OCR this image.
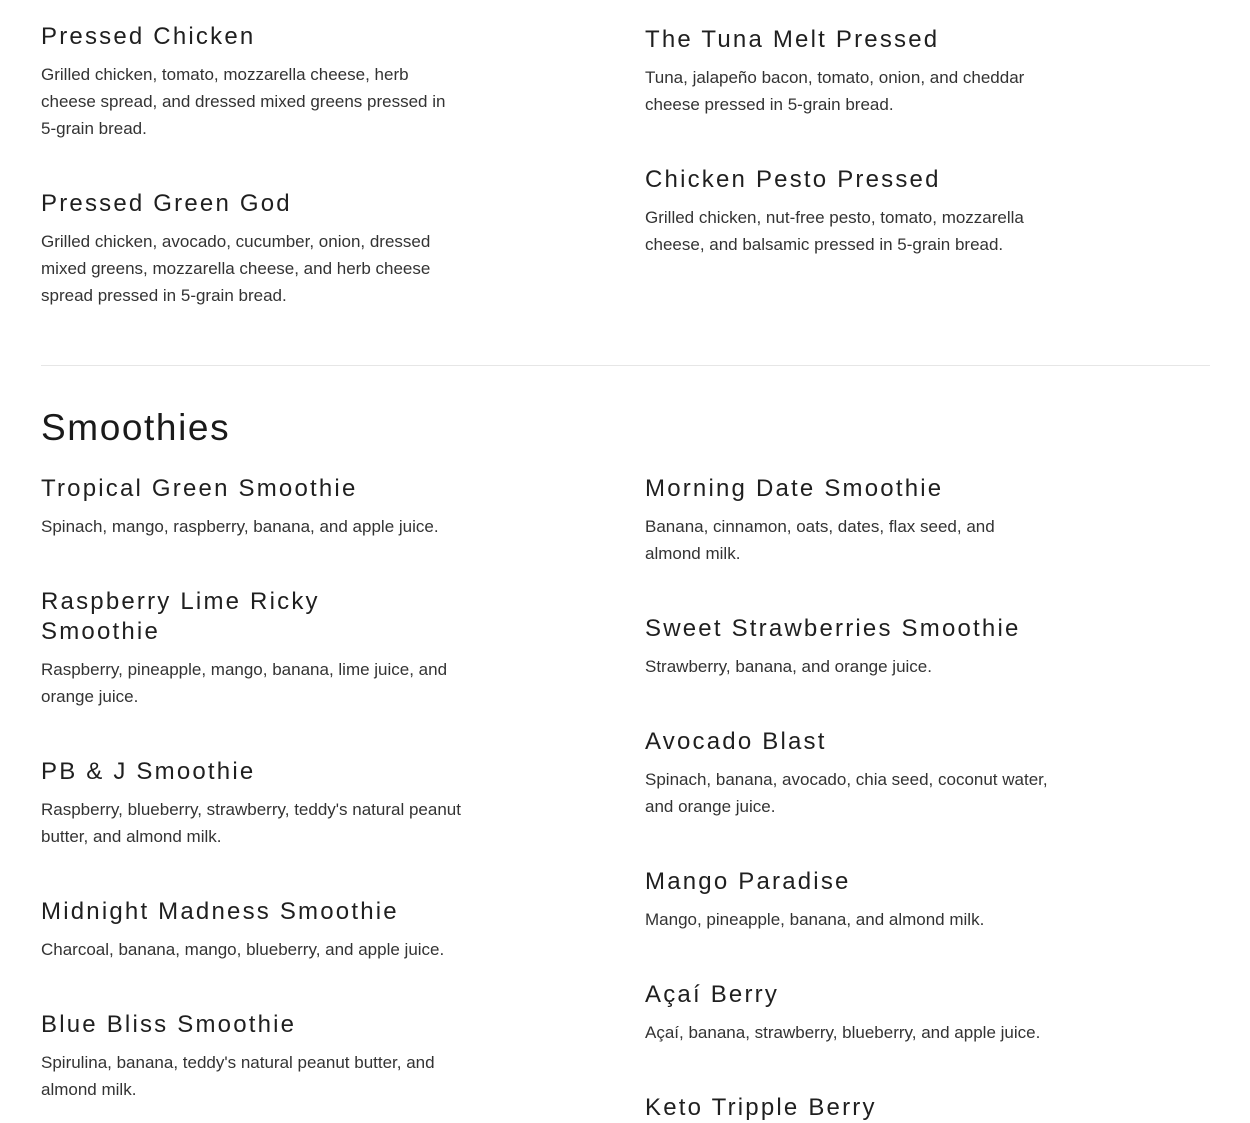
Pressed Chicken

Grilled chicken, tomato, mozzarella cheese, herb cheese spread, and dressed mixed greens pressed in 5-grain bread.

Pressed Green God

Grilled chicken, avocado, cucumber, onion, dressed mixed greens, mozzarella cheese, and herb cheese spread pressed in 5-grain bread.

The Tuna Melt Pressed

Tuna, jalapeño bacon, tomato, onion, and cheddar cheese pressed in 5-grain bread.

Chicken Pesto Pressed

Grilled chicken, nut-free pesto, tomato, mozzarella cheese, and balsamic pressed in 5-grain bread.

Smoothies
Tropical Green Smoothie

Spinach, mango, raspberry, banana, and apple juice.

Raspberry Lime Ricky Smoothie

Raspberry, pineapple, mango, banana, lime juice, and orange juice.

PB & J Smoothie

Raspberry, blueberry, strawberry, teddy's natural peanut butter, and almond milk.

Midnight Madness Smoothie

Charcoal, banana, mango, blueberry, and apple juice.

Blue Bliss Smoothie

Spirulina, banana, teddy's natural peanut butter, and almond milk.

Morning Date Smoothie

Banana, cinnamon, oats, dates, flax seed, and almond milk.

Sweet Strawberries Smoothie

Strawberry, banana, and orange juice.

Avocado Blast

Spinach, banana, avocado, chia seed, coconut water, and orange juice.

Mango Paradise

Mango, pineapple, banana, and almond milk.

Açaí Berry

Açaí, banana, strawberry, blueberry, and apple juice.

Keto Tripple Berry
